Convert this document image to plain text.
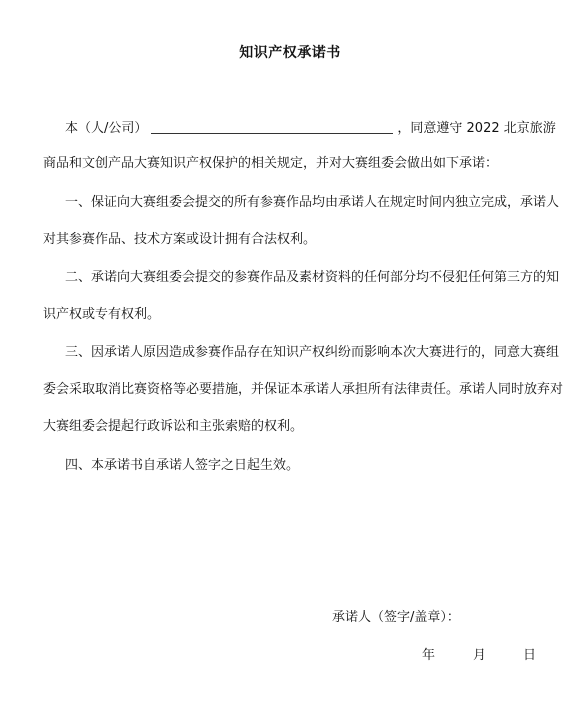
知识产权承诺书
本（人/公司）	，同意遵守 2022 北京旅游
商品和文创产品大赛知识产权保护的相关规定，并对大赛组委会做出如下承诺：
一、保证向大赛组委会提交的所有参赛作品均由承诺人在规定时间内独立完成，承诺人
对其参赛作品、技术方案或设计拥有合法权利。
二、承诺向大赛组委会提交的参赛作品及素材资料的任何部分均不侵犯任何第三方的知
识产权或专有权利。
三、因承诺人原因造成参赛作品存在知识产权纠纷而影响本次大赛进行的，同意大赛组
委会采取取消比赛资格等必要措施，并保证本承诺人承担所有法律责任。承诺人同时放弃对
大赛组委会提起行政诉讼和主张索赔的权利。
四、本承诺书自承诺人签字之日起生效。
承诺人（签字/盖章）：
年	月	日
